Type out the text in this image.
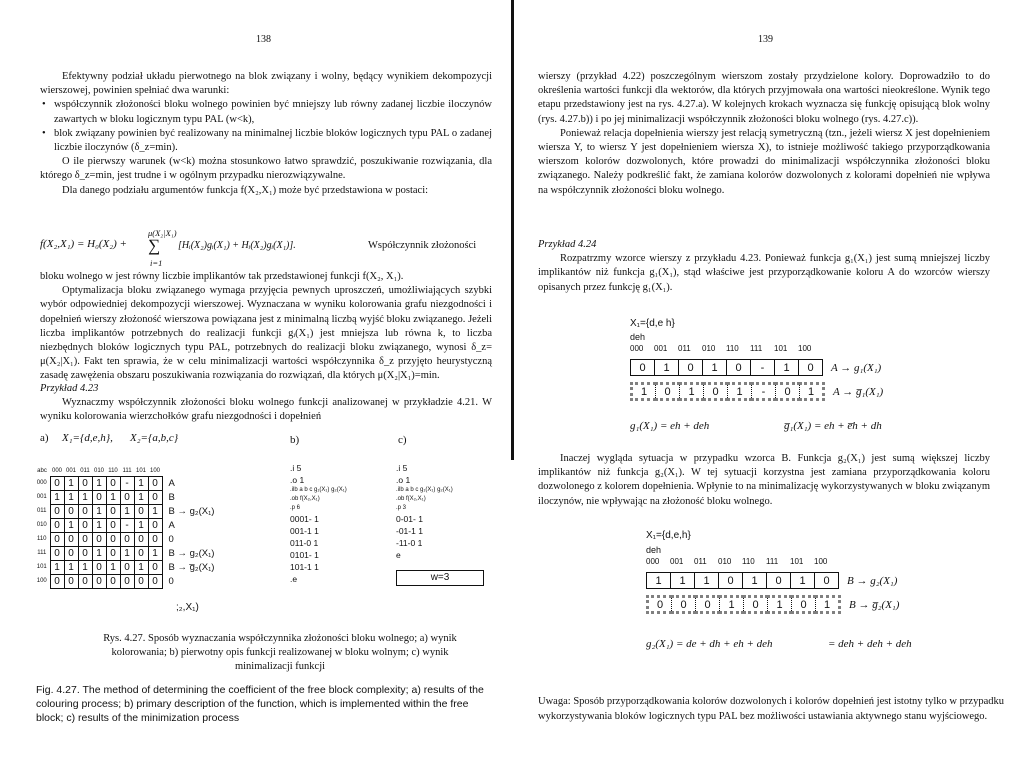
138

Efektywny podział układu pierwotnego na blok związany i wolny, będący wynikiem dekompozycji wierszowej, powinien spełniać dwa warunki:

• współczynnik złożoności bloku wolnego powinien być mniejszy lub równy zadanej liczbie iloczynów zawartych w bloku logicznym typu PAL (w<k),
• blok związany powinien być realizowany na minimalnej liczbie bloków logicznych typu PAL o zadanej liczbie iloczynów (δ_z=min).

O ile pierwszy warunek (w<k) można stosunkowo łatwo sprawdzić, poszukiwanie rozwiązania, dla którego δ_z=min, jest trudne i w ogólnym przypadku nierozwiązywalne.

Dla danego podziału argumentów funkcja f(X₂,X₁) może być przedstawiona w postaci:

f(X₂,X₁) = H₀(X₂) +
μ(X₂|X₁)
∑
i=1
[Hᵢ(X₂)gᵢ(X₁) + Hᵢ(X₂)gᵢ(X₁)].	Współczynnik złożoności

bloku wolnego w jest równy liczbie implikantów tak przedstawionej funkcji f(X₂, X₁).

Optymalizacja bloku związanego wymaga przyjęcia pewnych uproszczeń, umożliwiających szybki wybór odpowiedniej dekompozycji wierszowej. Wyznaczana w wyniku kolorowania grafu niezgodności i dopełnień wierszy złożoność wierszowa powiązana jest z minimalną liczbą wyjść bloku związanego. Jeżeli liczba implikantów potrzebnych do realizacji funkcji gᵢ(X₁) jest mniejsza lub równa k, to liczba niezbędnych bloków logicznych typu PAL, potrzebnych do realizacji bloku związanego, wynosi δ_z= μ(X₂|X₁). Fakt ten sprawia, że w celu minimalizacji wartości współczynnika δ_z przyjęto heurystyczną zasadę zawężenia obszaru poszukiwania rozwiązania do rozwiązań, dla których μ(X₂|X₁)=min.

Przykład 4.23

Wyznaczmy współczynnik złożoności bloku wolnego funkcji analizowanej w przykładzie 4.21. W wyniku kolorowania wierzchołków grafu niezgodności i dopełnień

a) X₁={d,e,h}, X₂={a,b,c}	b)	c)
abc	000	001	011	010	110	111	101	100	
000	0	1	0	1	0	-	1	0	A
001	1	1	1	0	1	0	1	0	B
011	0	0	0	1	0	1	0	1	B → g₂(X₁)
010	0	1	0	1	0	-	1	0	A
110	0	0	0	0	0	0	0	0	0
111	0	0	0	1	0	1	0	1	B → g₂(X₁)
101	1	1	1	0	1	0	1	0	B → g̅₂(X₁)
100	0	0	0	0	0	0	0	0	0
.i 5
.o 1
.ilb a b c g₁(X₁) g₂(X₁)
.ob f(X₂,X₁)
.p 6
0001- 1
001-1 1
011-0 1
0101- 1
101-1 1
.e
.i 5
.o 1
.ilb a b c g₁(X₁) g₂(X₁)
.ob f(X₂,X₁)
.p 3
0-01- 1
-01-1 1
-11-0 1
e
w=3
;₂,X₁)
Rys. 4.27. Sposób wyznaczania współczynnika złożoności bloku wolnego; a) wynik kolorowania; b) pierwotny opis funkcji realizowanej w bloku wolnym; c) wynik minimalizacji funkcji
Fig. 4.27. The method of determining the coefficient of the free block complexity; a) results of the colouring process; b) primary description of the function, which is implemented within the free block; c) results of the minimization process
139

wierszy (przykład 4.22) poszczególnym wierszom zostały przydzielone kolory. Doprowadziło to do określenia wartości funkcji dla wektorów, dla których przyjmowała ona wartości nieokreślone. Wynik tego etapu przedstawiony jest na rys. 4.27.a). W kolejnych krokach wyznacza się funkcję opisującą blok wolny (rys. 4.27.b)) i po jej minimalizacji współczynnik złożoności bloku wolnego (rys. 4.27.c)).

Ponieważ relacja dopełnienia wierszy jest relacją symetryczną (tzn., jeżeli wiersz X jest dopełnieniem wiersza Y, to wiersz Y jest dopełnieniem wiersza X), to istnieje możliwość takiego przyporządkowania wierszom kolorów dozwolonych, które prowadzi do minimalizacji współczynnika złożoności bloku związanego. Należy podkreślić fakt, że zamiana kolorów dozwolonych z kolorami dopełnień nie wpływa na współczynnik złożoności bloku wolnego.

Przykład 4.24

Rozpatrzmy wzorce wierszy z przykładu 4.23. Ponieważ funkcja g₁(X₁) jest sumą mniejszej liczby implikantów niż funkcja g₁(X₁), stąd właściwe jest przyporządkowanie koloru A do wzorców wierszy opisanych przez funkcję g₁(X₁).

X₁={d,e h}
deh
000	001	011	010	110	111	101	100
0	1	0	1	0	-	1	0 A → g₁(X₁)
1	0	1	0	1	-	0	1 A → g̅₁(X₁)
g₁(X₁) = eh + deh	g̅₁(X₁) = eh + e̅h + dh

Inaczej wygląda sytuacja w przypadku wzorca B. Funkcja g₂(X₁) jest sumą większej liczby implikantów niż funkcja g₂(X₁). W tej sytuacji korzystna jest zamiana przyporządkowania koloru dozwolonego z kolorem dopełnienia. Wpłynie to na minimalizację wykorzystywanych w bloku związanym iloczynów, nie wpływając na złożoność bloku wolnego.

X₁={d,e,h}
deh
000	001	011	010	110	111	101	100
1	1	1	0	1	0	1	0 B → g₂(X₁)
0	0	0	1	0	1	0	1 B → g̅₂(X₁)
g₂(X₁) = de + dh + eh + deh	= deh + deh + deh

Uwaga: Sposób przyporządkowania kolorów dozwolonych i kolorów dopełnień jest istotny tylko w przypadku wykorzystywania bloków logicznych typu PAL bez możliwości ustawiania aktywnego stanu wyjściowego.
